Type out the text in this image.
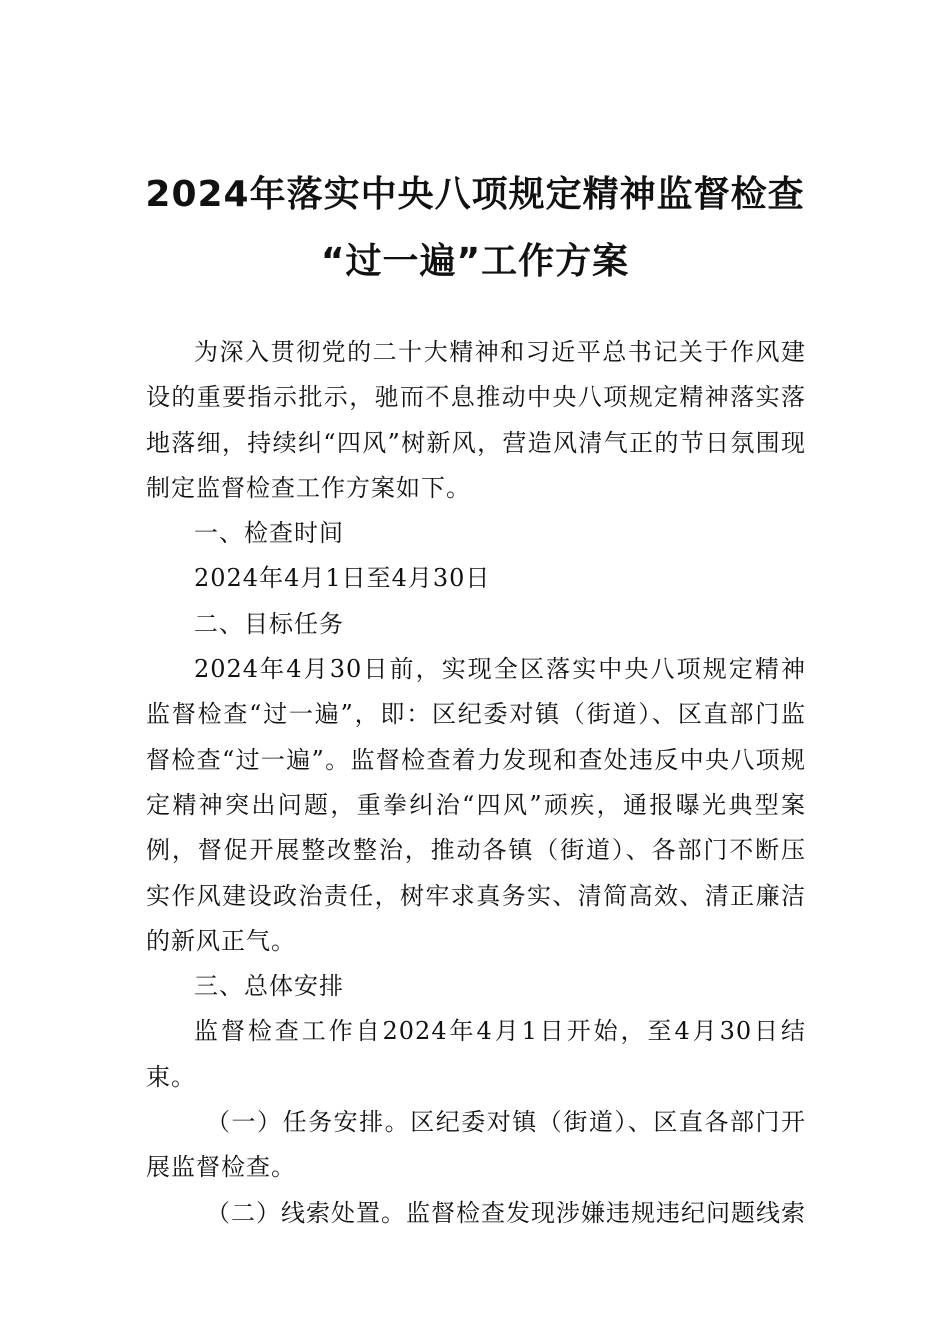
2024年落实中央八项规定精神监督检查
“过一遍”工作方案

为深入贯彻党的二十大精神和习近平总书记关于作风建设的重要指示批示，驰而不息推动中央八项规定精神落实落地落细，持续纠“四风”树新风，营造风清气正的节日氛围现制定监督检查工作方案如下。

一、检查时间

2024年4月1日至4月30日

二、目标任务

2024年4月30日前，实现全区落实中央八项规定精神监督检查“过一遍”，即：区纪委对镇（街道）、区直部门监督检查“过一遍”。监督检查着力发现和查处违反中央八项规定精神突出问题，重拳纠治“四风”顽疾，通报曝光典型案例，督促开展整改整治，推动各镇（街道）、各部门不断压实作风建设政治责任，树牢求真务实、清简高效、清正廉洁的新风正气。

三、总体安排

监督检查工作自2024年4月1日开始，至4月30日结束。

（一）任务安排。区纪委对镇（街道）、区直各部门开展监督检查。

（二）线索处置。监督检查发现涉嫌违规违纪问题线索
